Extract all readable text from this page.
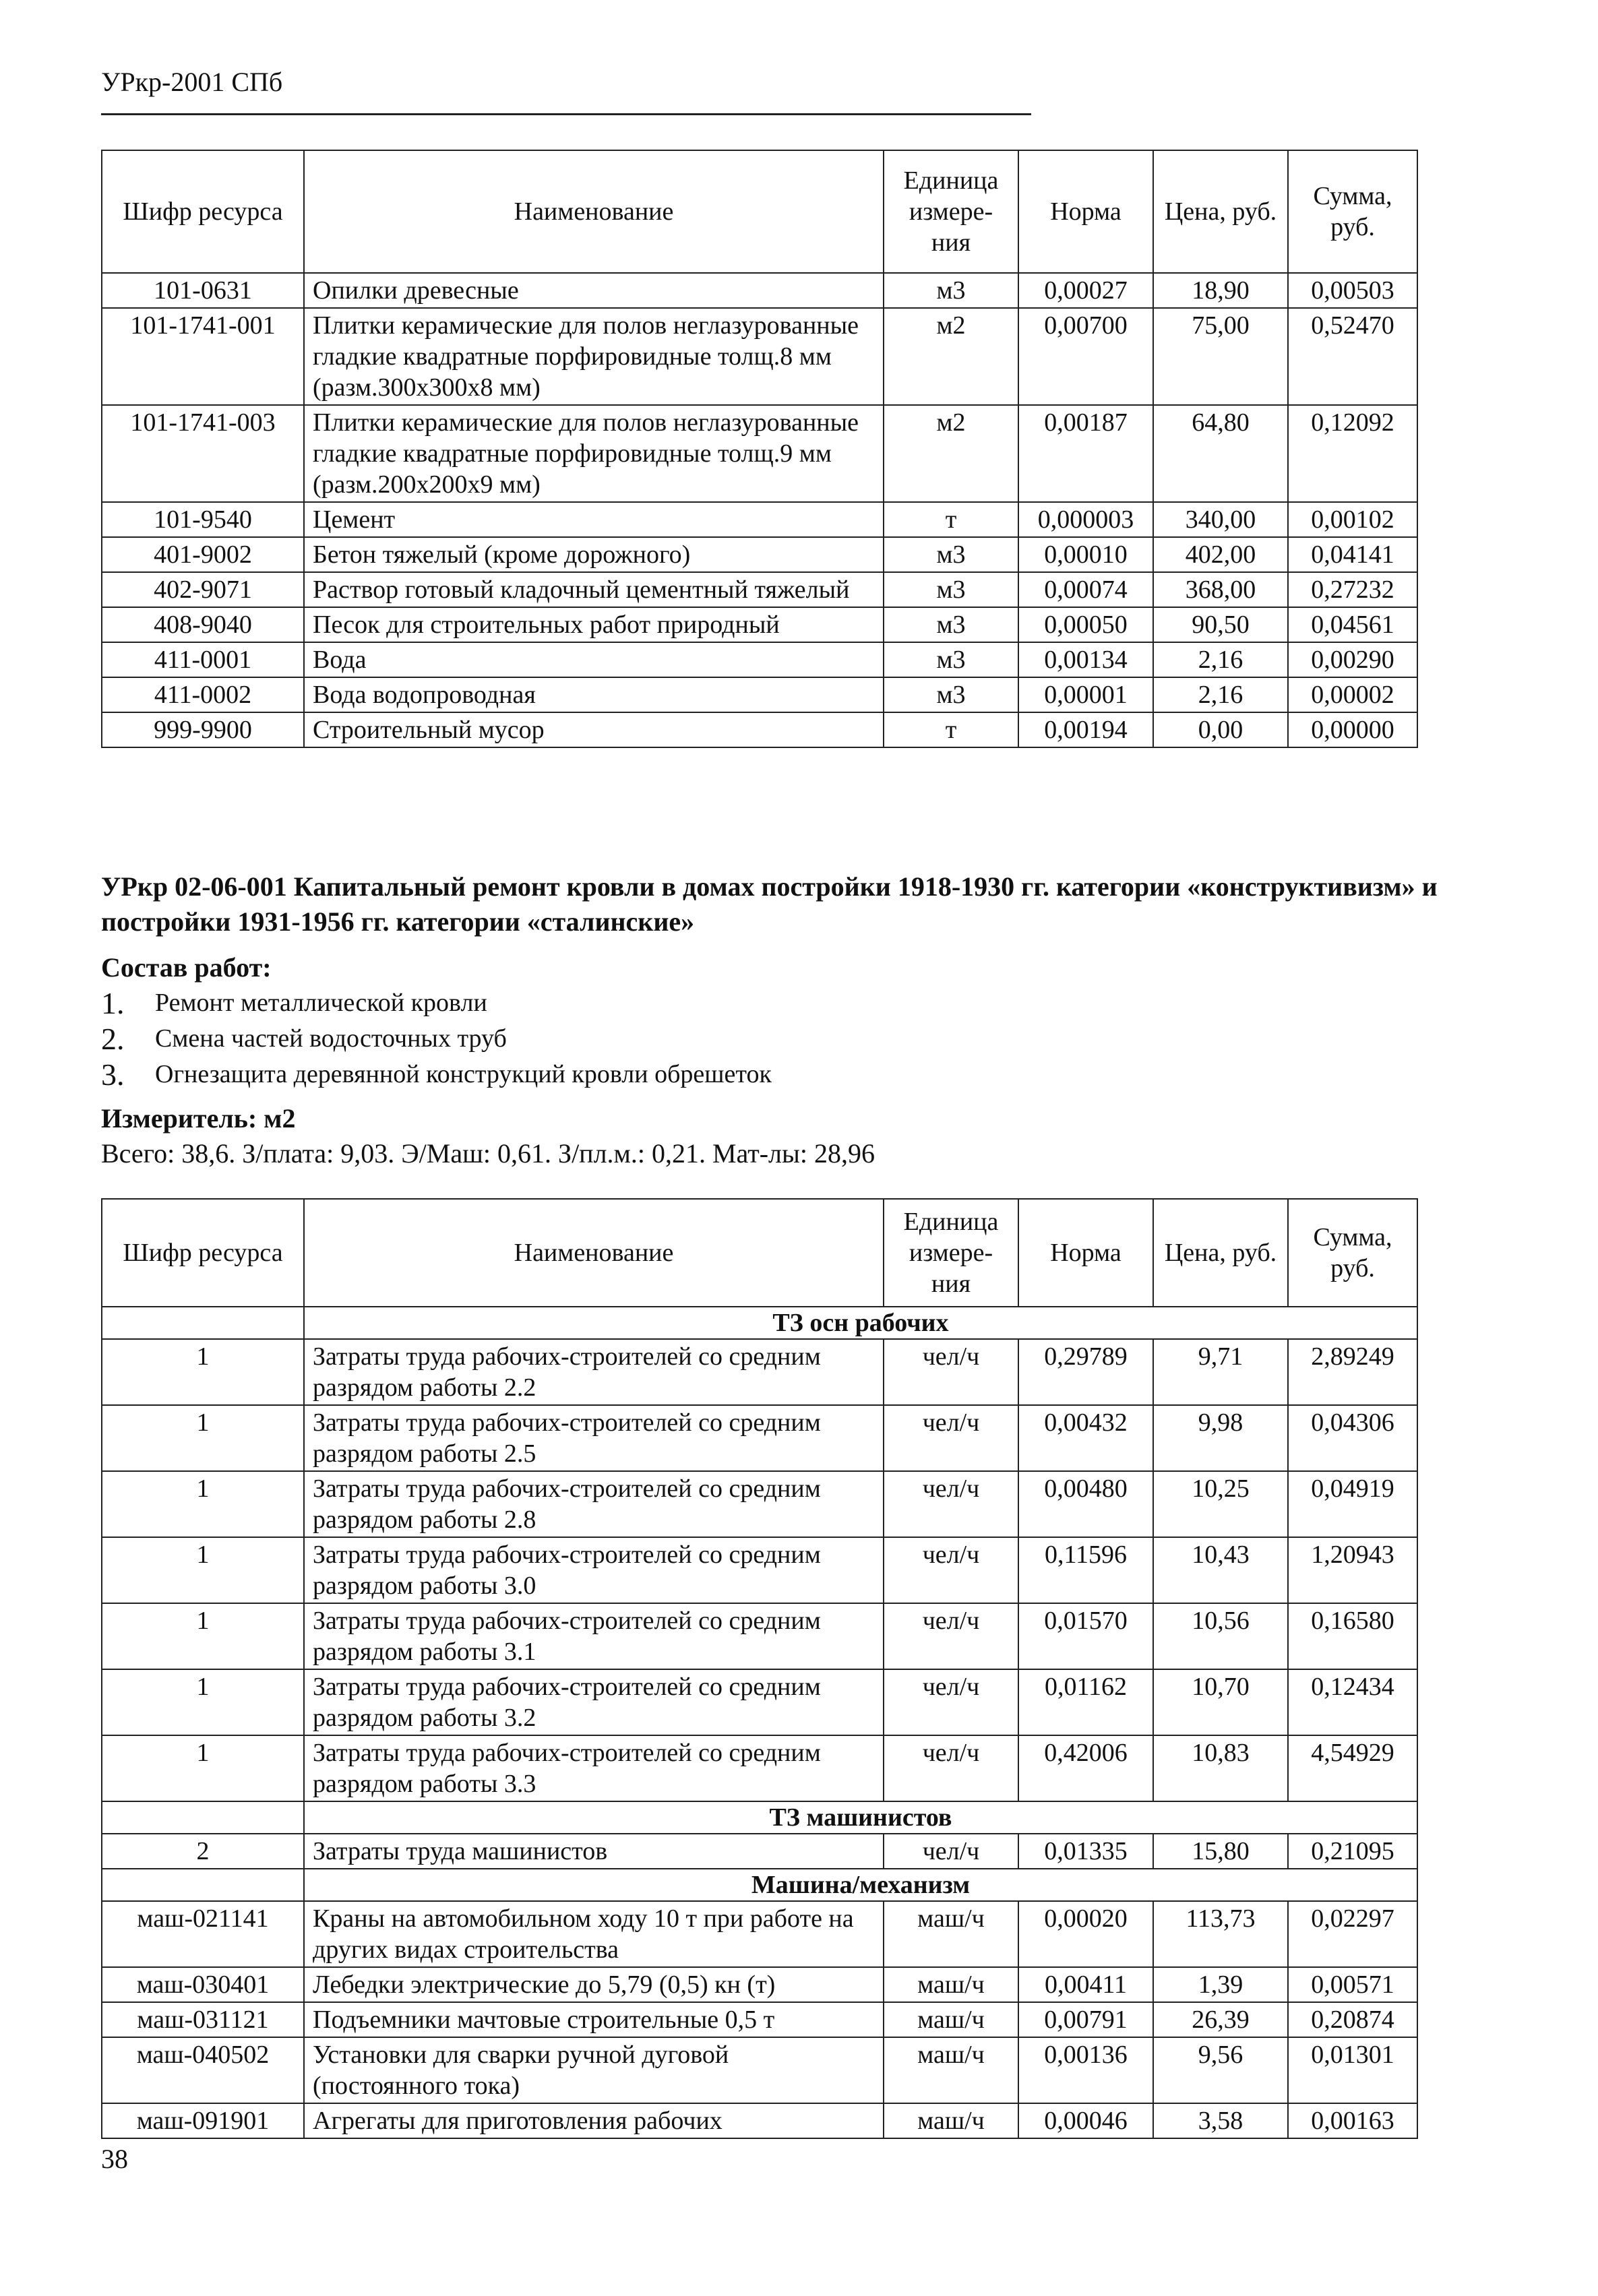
УРкр-2001 СПб
Шифр ресурса	Наименование	Единица измере-ния	Норма	Цена, руб.	Сумма, руб.
101-0631	Опилки древесные	м3	0,00027	18,90	0,00503
101-1741-001	Плитки керамические для полов неглазурованные гладкие квадратные порфировидные толщ.8 мм (разм.300х300х8 мм)	м2	0,00700	75,00	0,52470
101-1741-003	Плитки керамические для полов неглазурованные гладкие квадратные порфировидные толщ.9 мм (разм.200х200х9 мм)	м2	0,00187	64,80	0,12092
101-9540	Цемент	т	0,000003	340,00	0,00102
401-9002	Бетон тяжелый (кроме дорожного)	м3	0,00010	402,00	0,04141
402-9071	Раствор готовый кладочный цементный тяжелый	м3	0,00074	368,00	0,27232
408-9040	Песок для строительных работ природный	м3	0,00050	90,50	0,04561
411-0001	Вода	м3	0,00134	2,16	0,00290
411-0002	Вода водопроводная	м3	0,00001	2,16	0,00002
999-9900	Строительный мусор	т	0,00194	0,00	0,00000
УРкр 02-06-001 Капитальный ремонт кровли в домах постройки 1918-1930 гг. категории «конструктивизм» и постройки 1931-1956 гг. категории «сталинские»
Состав работ:
1.	Ремонт металлической кровли
2.	Смена частей водосточных труб
3.	Огнезащита деревянной конструкций кровли обрешеток
Измеритель: м2
Всего: 38,6. З/плата: 9,03. Э/Маш: 0,61. З/пл.м.: 0,21. Мат-лы: 28,96
Шифр ресурса	Наименование	Единица измере-ния	Норма	Цена, руб.	Сумма, руб.
	ТЗ осн рабочих				
1	Затраты труда рабочих-строителей со средним разрядом работы 2.2	чел/ч	0,29789	9,71	2,89249
1	Затраты труда рабочих-строителей со средним разрядом работы 2.5	чел/ч	0,00432	9,98	0,04306
1	Затраты труда рабочих-строителей со средним разрядом работы 2.8	чел/ч	0,00480	10,25	0,04919
1	Затраты труда рабочих-строителей со средним разрядом работы 3.0	чел/ч	0,11596	10,43	1,20943
1	Затраты труда рабочих-строителей со средним разрядом работы 3.1	чел/ч	0,01570	10,56	0,16580
1	Затраты труда рабочих-строителей со средним разрядом работы 3.2	чел/ч	0,01162	10,70	0,12434
1	Затраты труда рабочих-строителей со средним разрядом работы 3.3	чел/ч	0,42006	10,83	4,54929
	ТЗ машинистов				
2	Затраты труда машинистов	чел/ч	0,01335	15,80	0,21095
	Машина/механизм				
маш-021141	Краны на автомобильном ходу 10 т при работе на других видах строительства	маш/ч	0,00020	113,73	0,02297
маш-030401	Лебедки электрические до 5,79 (0,5) кн (т)	маш/ч	0,00411	1,39	0,00571
маш-031121	Подъемники мачтовые строительные 0,5 т	маш/ч	0,00791	26,39	0,20874
маш-040502	Установки для сварки ручной дуговой (постоянного тока)	маш/ч	0,00136	9,56	0,01301
маш-091901	Агрегаты для приготовления рабочих	маш/ч	0,00046	3,58	0,00163
38
